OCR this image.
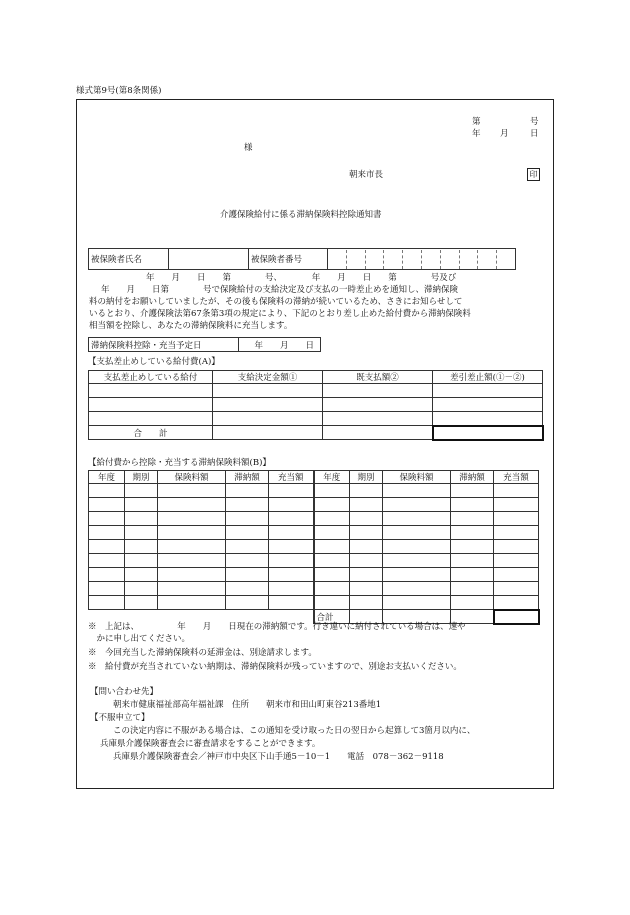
様式第9号(第8条関係)
第	号
年 月	日
様
朝来市長	印
介護保険給付に係る滞納保険料控除通知書
被保険者氏名		被保険者番号	
年　　月　　日　　第　　　　号、　　　　年　　月　　日　　第　　　　号及び
年　　月　　日第　　　　号で保険給付の支給決定及び支払の一時差止めを通知し、滞納保険
料の納付をお願いしていましたが、その後も保険料の滞納が続いているため、さきにお知らせして
いるとおり、介護保険法第67条第3項の規定により、下記のとおり差し止めた給付費から滞納保険料
相当額を控除し、あなたの滞納保険料に充当します。
滞納保険料控除・充当予定日	年　　月　　日
【支払差止めしている給付費(A)】
支払差止めしている給付	支給決定金額①	既支払額②	差引差止額(①－②)

合　　計			
【給付費から控除・充当する滞納保険料額(B)】
年度	期別	保険料額	滞納額	充当額	年度	期別	保険料額	滞納額	充当額

					合計				
※　上記は、　　　　　年　　月　　日現在の滞納額です。行き違いに納付されている場合は、速や
　かに申し出てください。
※　今回充当した滞納保険料の延滞金は、別途請求します。
※　給付費が充当されていない納期は、滞納保険料が残っていますので、別途お支払いください。
【問い合わせ先】
朝来市健康福祉部高年福祉課　住所　　朝来市和田山町東谷213番地1
【不服申立て】
この決定内容に不服がある場合は、この通知を受け取った日の翌日から起算して3箇月以内に、
兵庫県介護保険審査会に審査請求をすることができます。
兵庫県介護保険審査会／神戸市中央区下山手通5－10－1　　電話　078－362－9118
